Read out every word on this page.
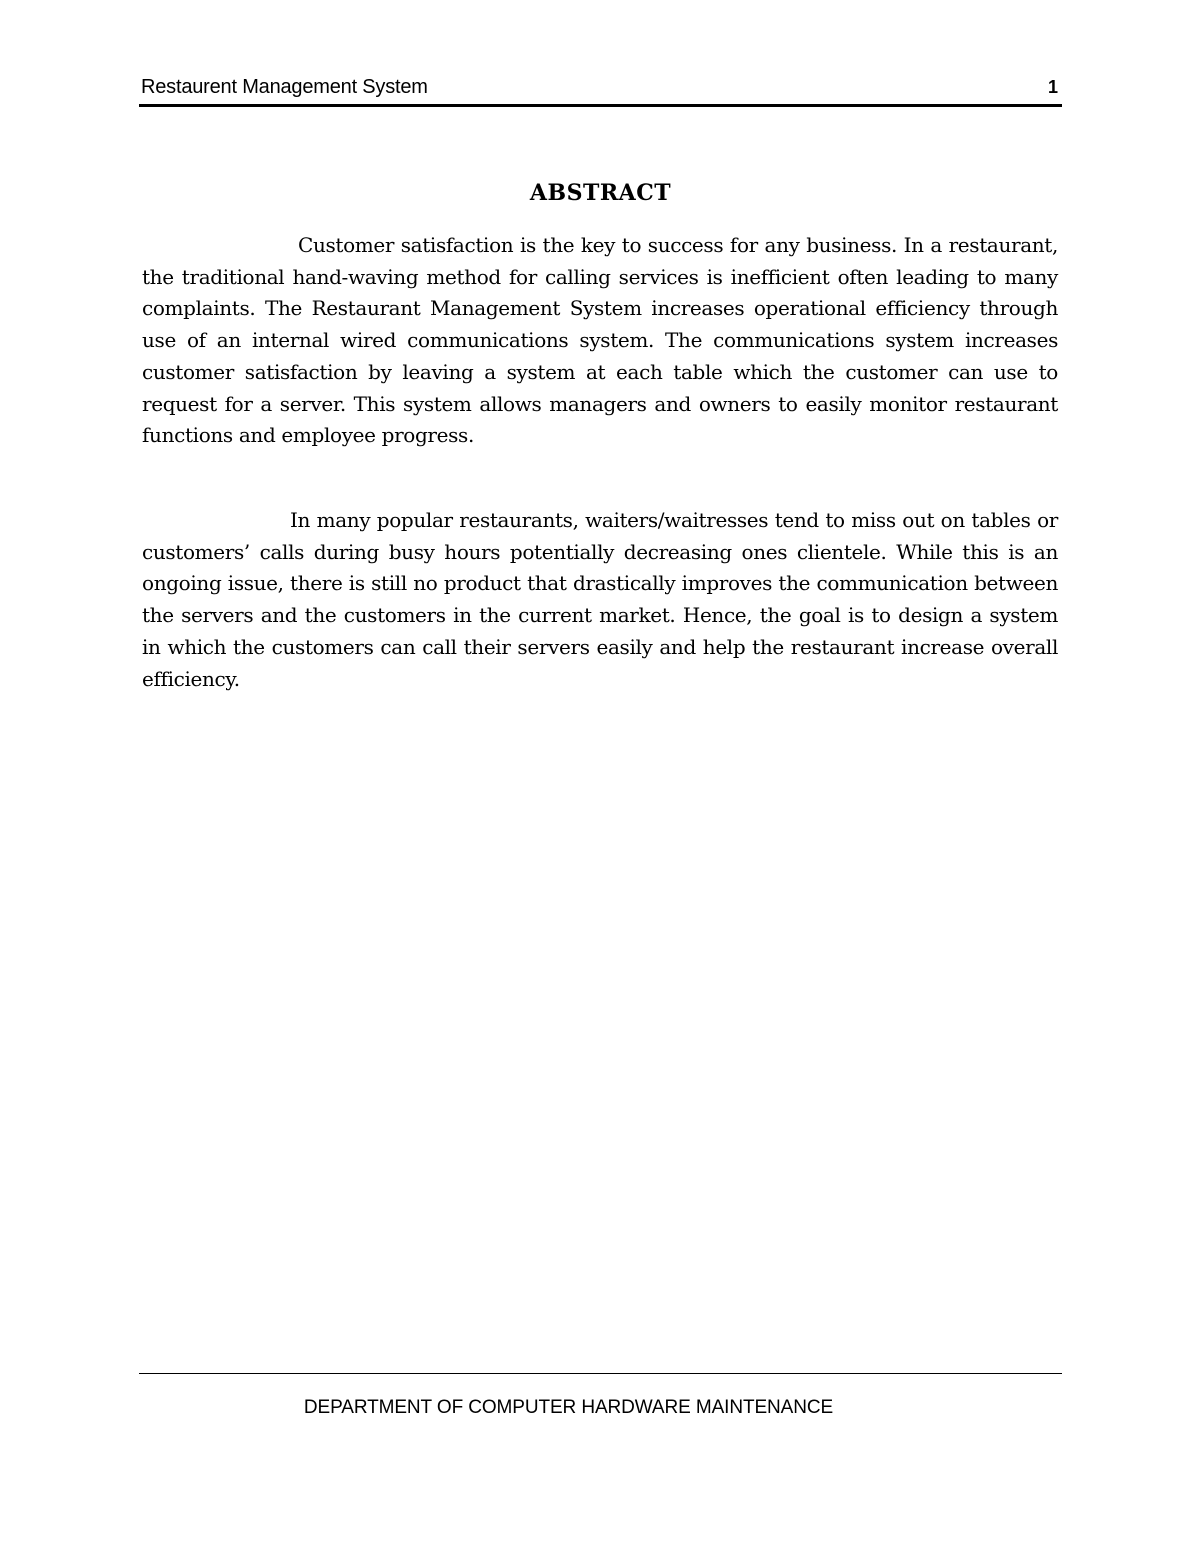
Restaurent Management System	1
ABSTRACT

Customer satisfaction is the key to success for any business. In a restaurant, the traditional hand-waving method for calling services is inefficient often leading to many complaints. The Restaurant Management System increases operational efficiency through use of an internal wired communications system. The communications system increases customer satisfaction by leaving a system at each table which the customer can use to request for a server. This system allows managers and owners to easily monitor restaurant functions and employee progress.

In many popular restaurants, waiters/waitresses tend to miss out on tables or customers’ calls during busy hours potentially decreasing ones clientele. While this is an ongoing issue, there is still no product that drastically improves the communication between the servers and the customers in the current market. Hence, the goal is to design a system in which the customers can call their servers easily and help the restaurant increase overall efficiency.

DEPARTMENT OF COMPUTER HARDWARE MAINTENANCE
